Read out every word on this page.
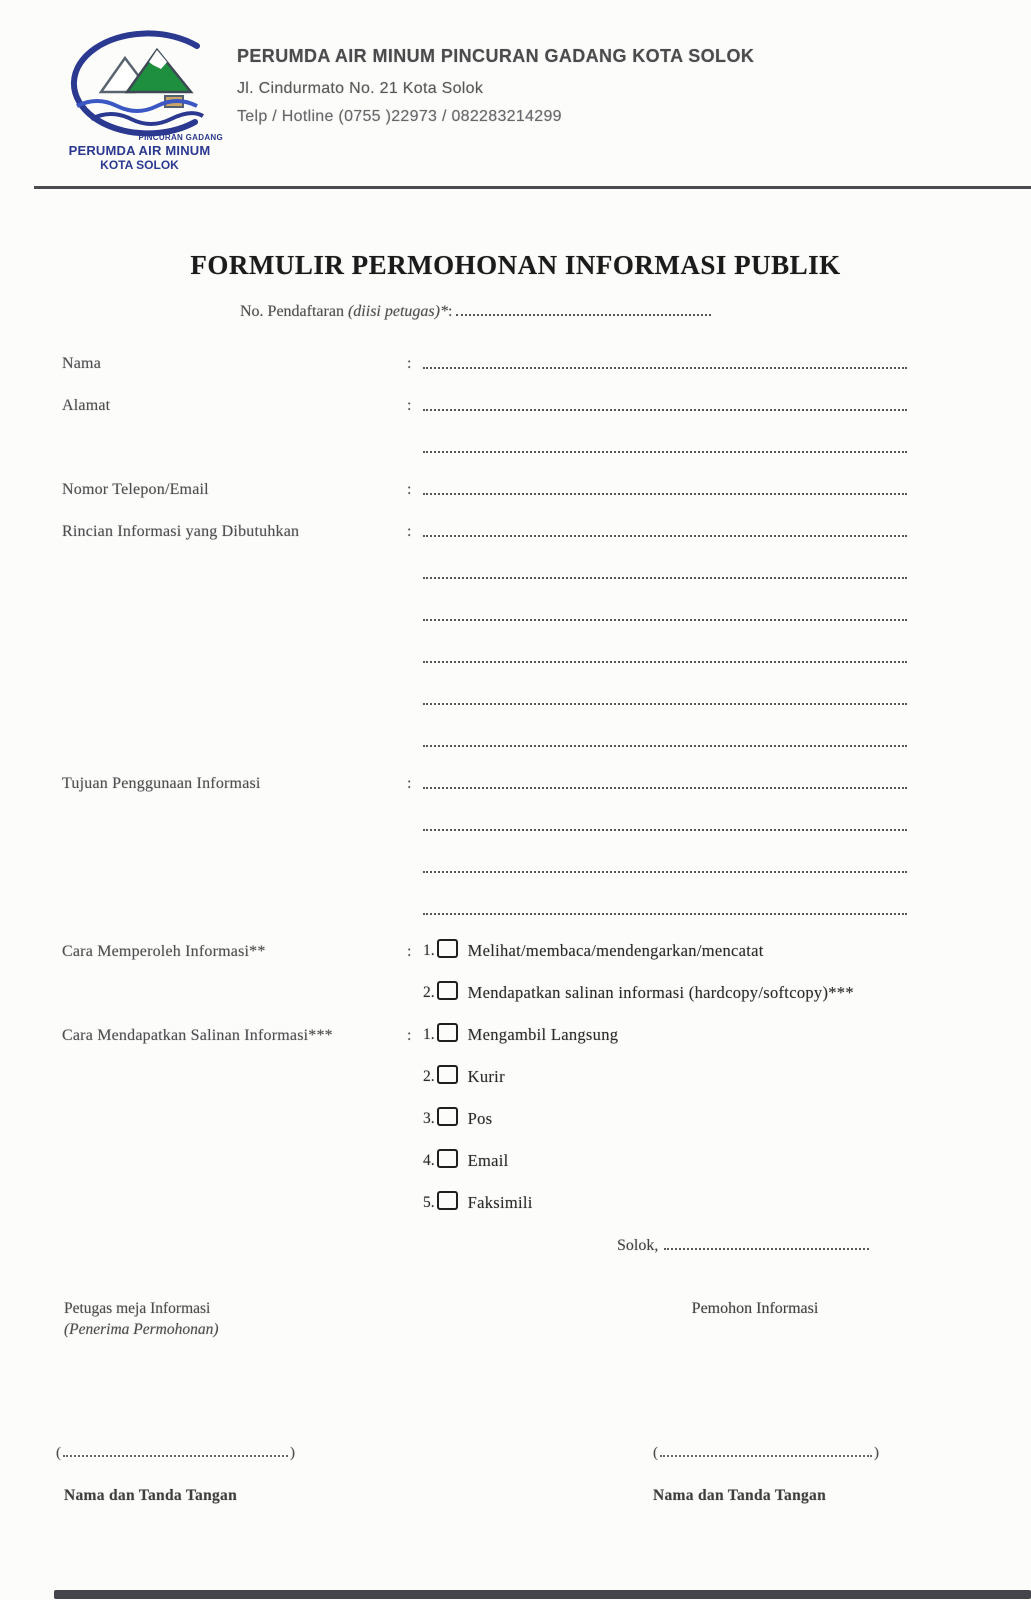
PINCURAN GADANG
PERUMDA AIR MINUM
KOTA SOLOK
PERUMDA AIR MINUM PINCURAN GADANG KOTA SOLOK
Jl. Cindurmato No. 21 Kota Solok
Telp / Hotline (0755 )22973 / 082283214299
FORMULIR PERMOHONAN INFORMASI PUBLIK
No. Pendaftaran (diisi petugas)*:
Nama	:
Alamat	:
Nomor Telepon/Email	:
Rincian Informasi yang Dibutuhkan	:
Tujuan Penggunaan Informasi	:
Cara Memperoleh Informasi**	: 1. Melihat/membaca/mendengarkan/mencatat
2. Mendapatkan salinan informasi (hardcopy/softcopy)***
Cara Mendapatkan Salinan Informasi***	: 1. Mengambil Langsung
2. Kurir
3. Pos
4. Email
5. Faksimili
Solok,
Petugas meja Informasi
(Penerima Permohonan)
Pemohon Informasi
(	)	(	)
Nama dan Tanda Tangan	Nama dan Tanda Tangan
